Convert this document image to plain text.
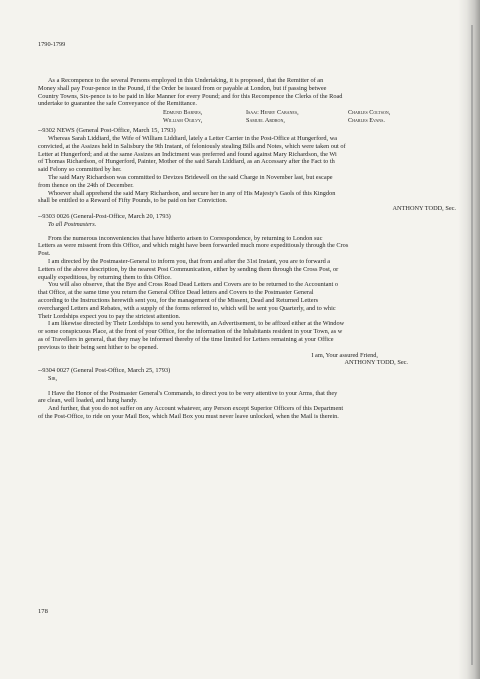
1790-1799

As a Recompence to the several Persons employed in this Undertaking, it is proposed, that the Remitter of an

Money shall pay Four-pence in the Pound, if the Order be issued from or payable at London, but if passing betwee

Country Towns, Six-pence is to be paid in like Manner for every Pound; and for this Recompence the Clerks of the Road

undertake to guarantee the safe Conveyance of the Remittance.

Edmund Barnes,	Isaac Henry Cabanes,	Charles Coltson,
William Ogilvy,	Samuel Ardron,	Charles Evans.

--9302 NEWS (General Post-Office, March 15, 1793)

Whereas Sarah Liddiard, the Wife of William Liddiard, lately a Letter Carrier in the Post-Office at Hungerford, wa

convicted, at the Assizes held in Salisbury the 9th Instant, of feloniously stealing Bills and Notes, which were taken out of

Letter at Hungerford; and at the same Assizes an Indictment was preferred and found against Mary Richardson, the Wi

of Thomas Richardson, of Hungerford, Painter, Mother of the said Sarah Liddiard, as an Accessary after the Fact to th

said Felony so committed by her.

The said Mary Richardson was committed to Devizes Bridewell on the said Charge in November last, but escape

from thence on the 24th of December.

Whoever shall apprehend the said Mary Richardson, and secure her in any of His Majesty's Gaols of this Kingdon

shall be entitled to a Reward of Fifty Pounds, to be paid on her Conviction.

ANTHONY TODD, Sec.

--9303 0026 (General-Post-Office, March 20, 1793)

To all Postmasters.

From the numerous inconveniencies that have hitherto arisen to Correspondence, by returning to London suc

Letters as were missent from this Office, and which might have been forwarded much more expeditiously through the Cros

Post.

I am directed by the Postmaster-General to inform you, that from and after the 31st Instant, you are to forward a

Letters of the above description, by the nearest Post Communication, either by sending them through the Cross Post, or

equally expeditious, by returning them to this Office.

You will also observe, that the Bye and Cross Road Dead Letters and Covers are to be returned to the Accountant o

that Office, at the same time you return the General Office Dead letters and Covers to the Postmaster General

according to the Instructions herewith sent you, for the management of the Missent, Dead and Returned Letters

overcharged Letters and Rebates, with a supply of the forms referred to, which will be sent you Quarterly, and to whic

Their Lordships expect you to pay the strictest attention.

I am likewise directed by Their Lordships to send you herewith, an Advertisement, to be affixed either at the Window

or some conspicuous Place, at the front of your Office, for the information of the Inhabitants resident in your Town, as w

as of Travellers in general, that they may be informed thereby of the time limited for Letters remaining at your Office

previous to their being sent hither to be opened.

I am, Your assured Friend,

ANTHONY TODD, Sec.

--9304 0027 (General Post-Office, March 25, 1793)

Sir,

I Have the Honor of the Postmaster General's Commands, to direct you to be very attentive to your Arms, that they

are clean, well loaded, and hung handy.

And further, that you do not suffer on any Account whatever, any Person except Superior Officers of this Department

of the Post-Office, to ride on your Mail Box, which Mail Box you must never leave unlocked, when the Mail is therein.

178
